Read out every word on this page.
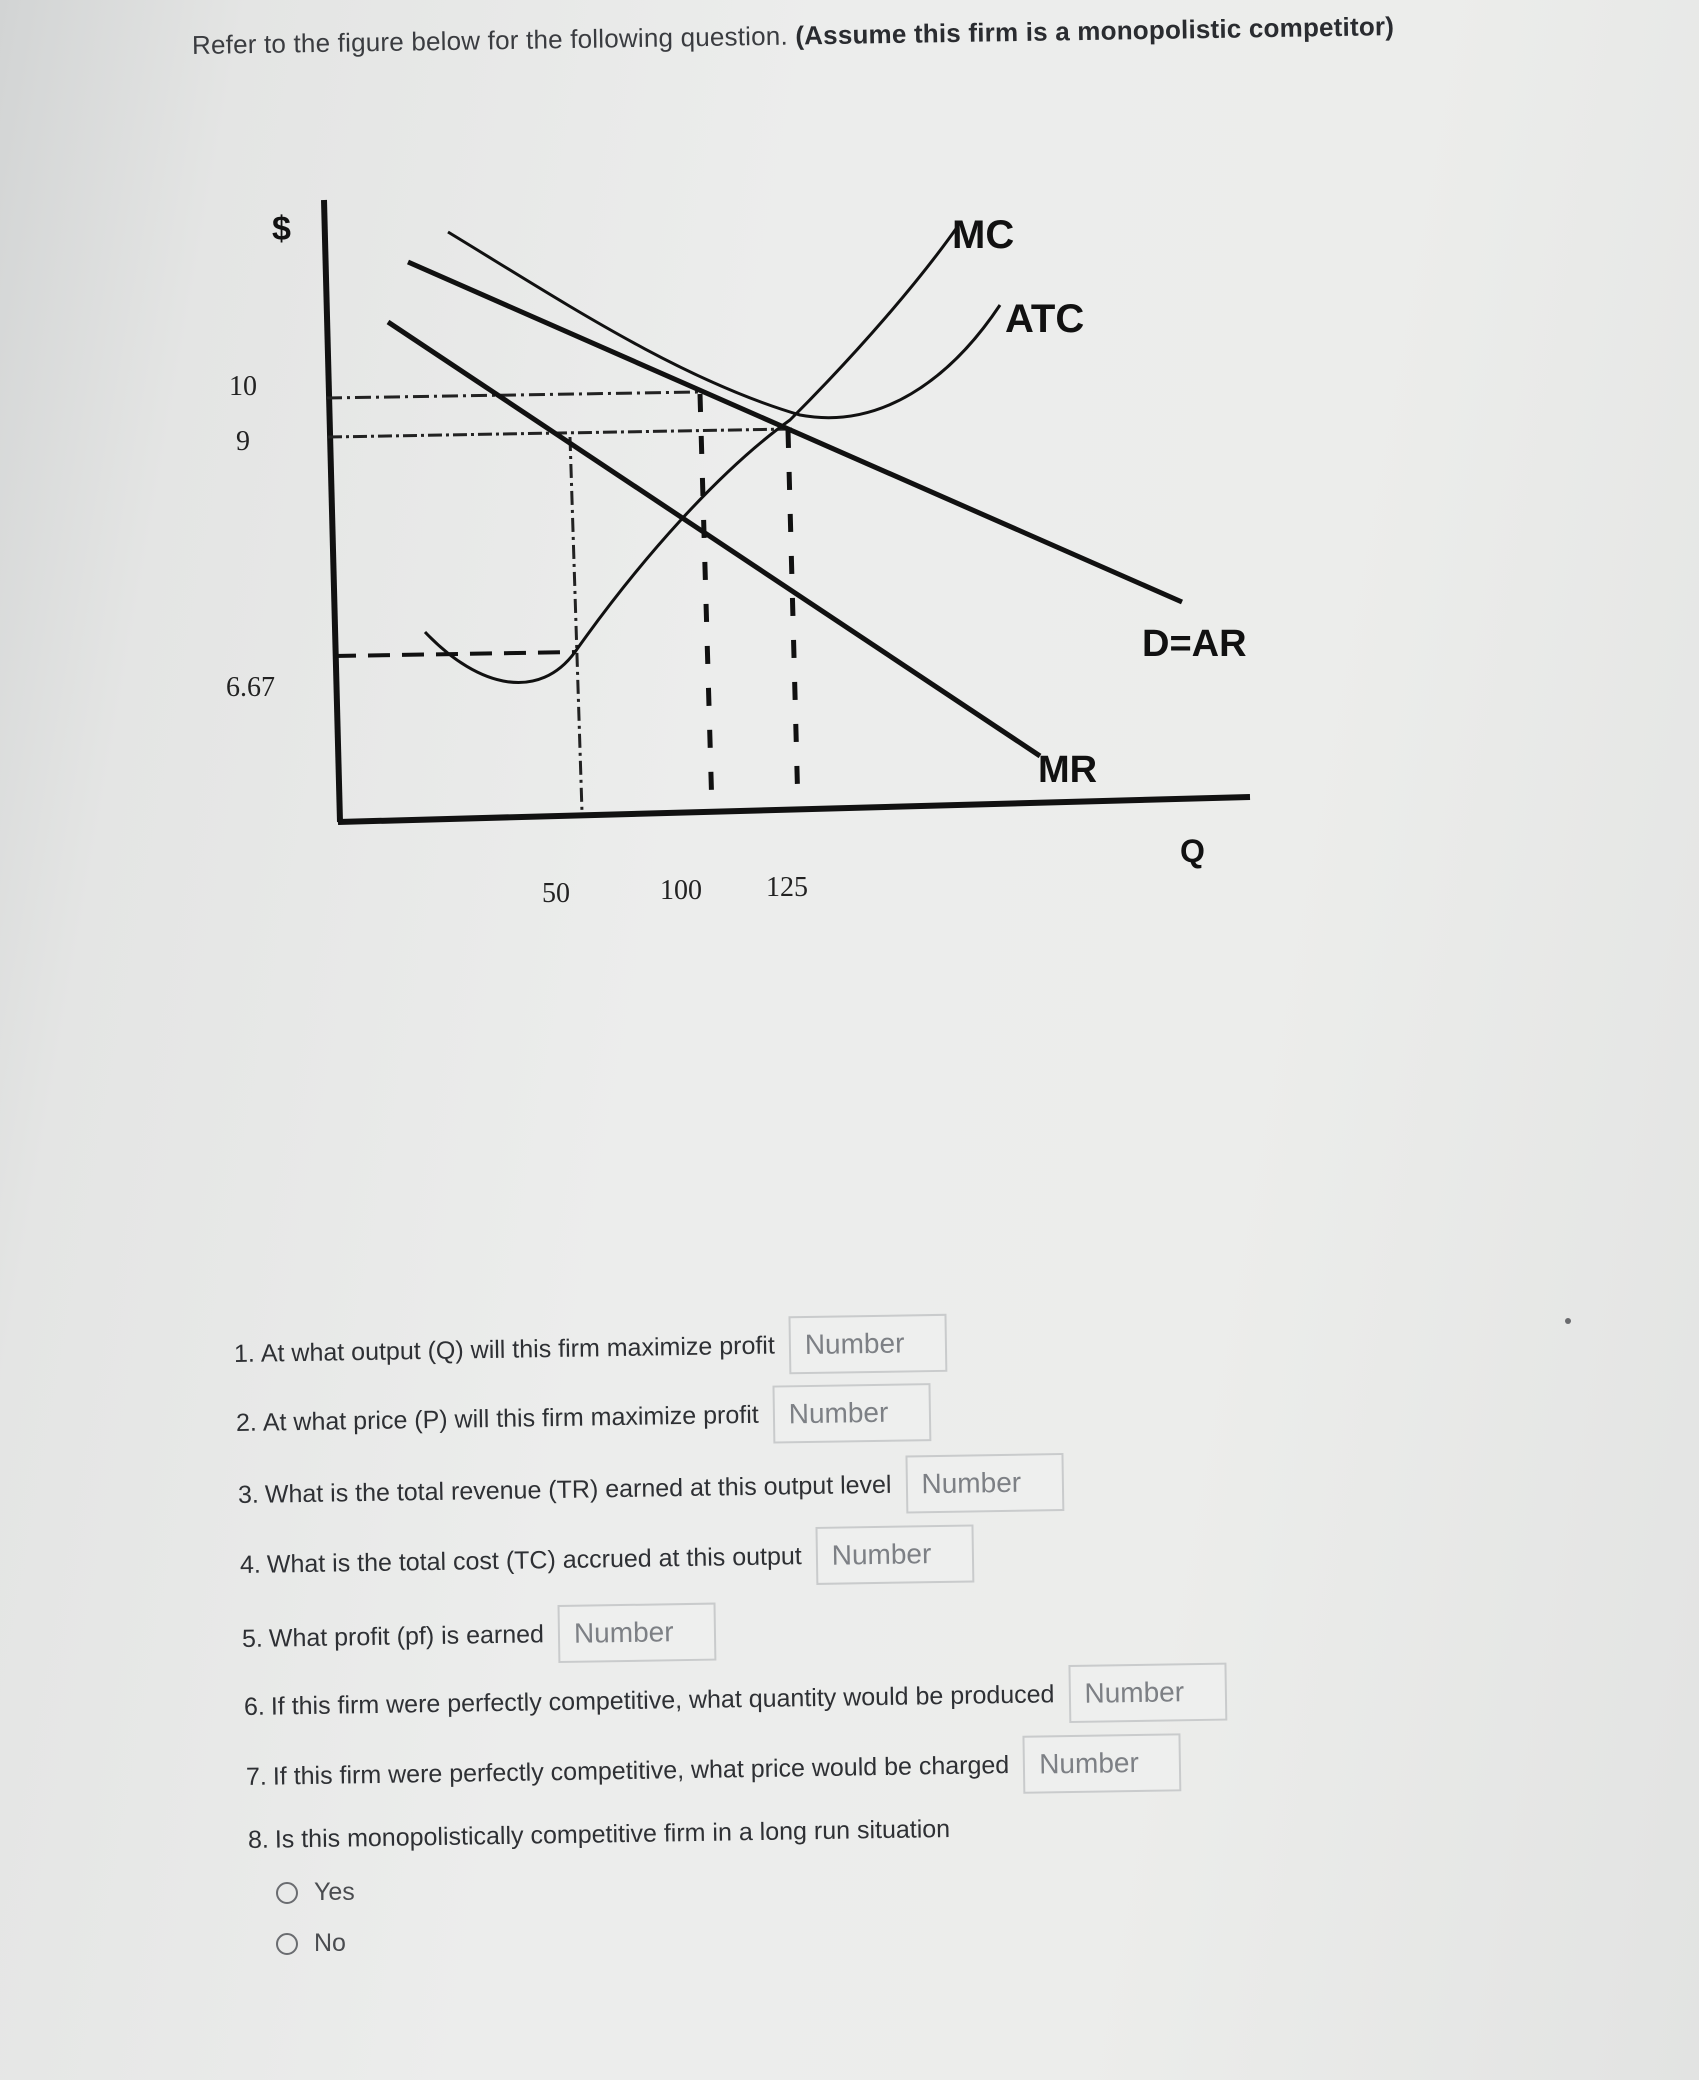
Refer to the figure below for the following question. (Assume this firm is a monopolistic competitor)
$
Q
10
9
6.67
50	100 125
MC
ATC
D=AR
MR
1. At what output (Q) will this firm maximize profit
Number
2. At what price (P) will this firm maximize profit
Number
3. What is the total revenue (TR) earned at this output level
Number
4. What is the total cost (TC) accrued at this output
Number
5. What profit (pf) is earned
Number
6. If this firm were perfectly competitive, what quantity would be produced
Number
7. If this firm were perfectly competitive, what price would be charged
Number
8. Is this monopolistically competitive firm in a long run situation
Yes
No
